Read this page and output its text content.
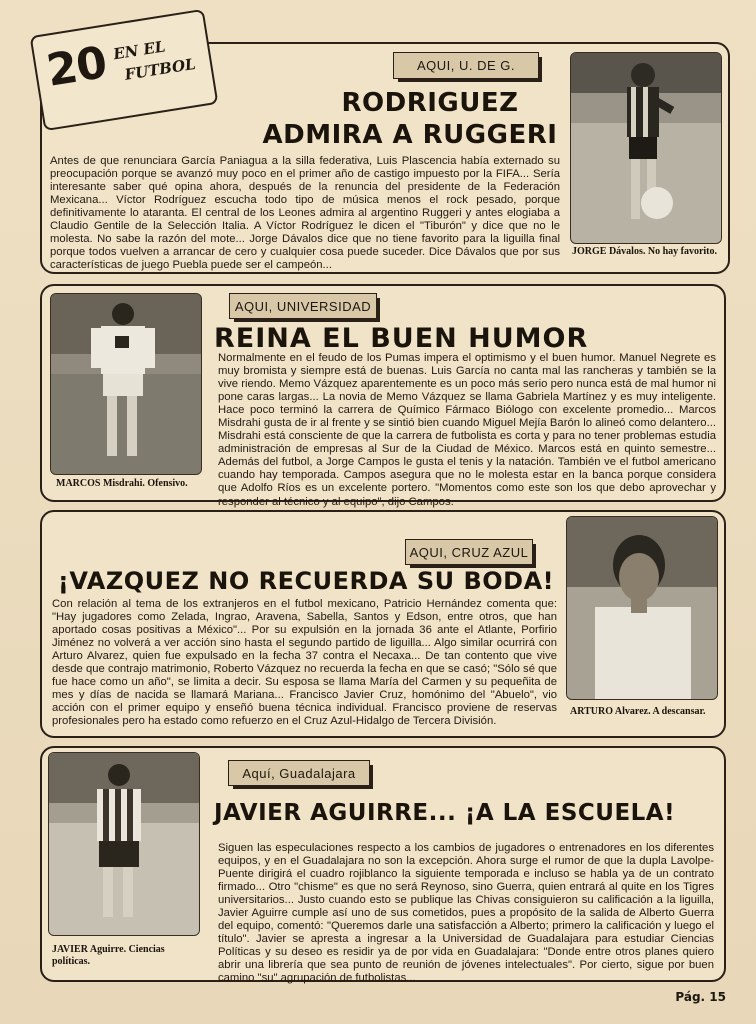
20 EN EL
FUTBOL	AQUI, U. DE G.
RODRIGUEZ
ADMIRA A RUGGERI

Antes de que renunciara García Paniagua a la silla federativa, Luis Plascencia había externado su preocupación porque se avanzó muy poco en el primer año de castigo impuesto por la FIFA... Sería interesante saber qué opina ahora, después de la renuncia del presidente de la Federación Mexicana... Víctor Rodríguez escucha todo tipo de música menos el rock pesado, porque definitivamente lo ataranta. El central de los Leones admira al argentino Ruggeri y antes elogiaba a Claudio Gentile de la Selección Italia. A Víctor Rodríguez le dicen el "Tiburón" y dice que no le molesta. No sabe la razón del mote... Jorge Dávalos dice que no tiene favorito para la liguilla final porque todos vuelven a arrancar de cero y cualquier cosa puede suceder. Dice Dávalos que por sus características de juego Puebla puede ser el campeón...

JORGE Dávalos. No hay favorito.
MARCOS Misdrahi. Ofensivo.
AQUI, UNIVERSIDAD
REINA EL BUEN HUMOR

Normalmente en el feudo de los Pumas impera el optimismo y el buen humor. Manuel Negrete es muy bromista y siempre está de buenas. Luis García no canta mal las rancheras y también se la vive riendo. Memo Vázquez aparentemente es un poco más serio pero nunca está de mal humor ni pone caras largas... La novia de Memo Vázquez se llama Gabriela Martínez y es muy inteligente. Hace poco terminó la carrera de Químico Fármaco Biólogo con excelente promedio... Marcos Misdrahi gusta de ir al frente y se sintió bien cuando Miguel Mejía Barón lo alineó como delantero... Misdrahi está consciente de que la carrera de futbolista es corta y para no tener problemas estudia administración de empresas al Sur de la Ciudad de México. Marcos está en quinto semestre... Además del futbol, a Jorge Campos le gusta el tenis y la natación. También ve el futbol americano cuando hay temporada. Campos asegura que no le molesta estar en la banca porque considera que Adolfo Ríos es un excelente portero. "Momentos como este son los que debo aprovechar y responder al técnico y al equipo", dijo Campos.

AQUI, CRUZ AZUL
¡VAZQUEZ NO RECUERDA SU BODA!

Con relación al tema de los extranjeros en el futbol mexicano, Patricio Hernández comenta que: "Hay jugadores como Zelada, Ingrao, Aravena, Sabella, Santos y Edson, entre otros, que han aportado cosas positivas a México"... Por su expulsión en la jornada 36 ante el Atlante, Porfirio Jiménez no volverá a ver acción sino hasta el segundo partido de liguilla... Algo similar ocurrirá con Arturo Alvarez, quien fue expulsado en la fecha 37 contra el Necaxa... De tan contento que vive desde que contrajo matrimonio, Roberto Vázquez no recuerda la fecha en que se casó; "Sólo sé que fue hace como un año", se limita a decir. Su esposa se llama María del Carmen y su pequeñita de mes y días de nacida se llamará Mariana... Francisco Javier Cruz, homónimo del "Abuelo", vio acción con el primer equipo y enseñó buena técnica individual. Francisco proviene de reservas profesionales pero ha estado como refuerzo en el Cruz Azul-Hidalgo de Tercera División.

ARTURO Alvarez. A descansar.
JAVIER Aguirre. Ciencias políticas.
Aquí, Guadalajara
JAVIER AGUIRRE... ¡A LA ESCUELA!

Siguen las especulaciones respecto a los cambios de jugadores o entrenadores en los diferentes equipos, y en el Guadalajara no son la excepción. Ahora surge el rumor de que la dupla Lavolpe-Puente dirigirá el cuadro rojiblanco la siguiente temporada e incluso se habla ya de un contrato firmado... Otro "chisme" es que no será Reynoso, sino Guerra, quien entrará al quite en los Tigres universitarios... Justo cuando esto se publique las Chivas consiguieron su calificación a la liguilla, Javier Aguirre cumple así uno de sus cometidos, pues a propósito de la salida de Alberto Guerra del equipo, comentó: "Queremos darle una satisfacción a Alberto; primero la calificación y luego el título". Javier se apresta a ingresar a la Universidad de Guadalajara para estudiar Ciencias Políticas y su deseo es residir ya de por vida en Guadalajara: "Donde entre otros planes quiero abrir una librería que sea punto de reunión de jóvenes intelectuales". Por cierto, sigue por buen camino "su" agrupación de futbolistas...

Pág. 15
